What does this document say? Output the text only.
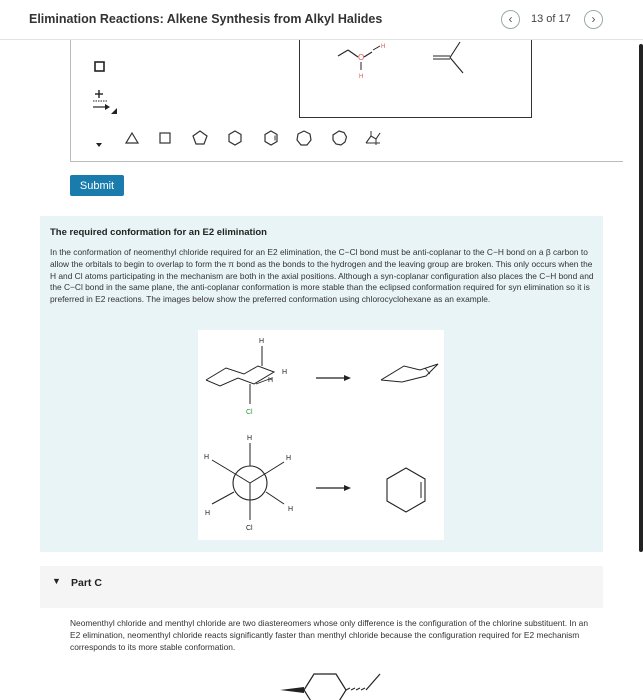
Elimination Reactions: Alkene Synthesis from Alkyl Halides	‹	13 of 17	›
O
H
H
Submit
The required conformation for an E2 elimination

In the conformation of neomenthyl chloride required for an E2 elimination, the C−Cl bond must be anti-coplanar to the C−H bond on a β carbon to allow the orbitals to begin to overlap to form the π bond as the bonds to the hydrogen and the leaving group are broken. This only occurs when the H and Cl atoms participating in the mechanism are both in the axial positions. Although a syn-coplanar configuration also places the C−H bond and the C−Cl bond in the same plane, the anti-coplanar conformation is more stable than the eclipsed conformation required for syn elimination so it is preferred in E2 reactions. The images below show the preferred conformation using chlorocyclohexane as an example.

H
H
H
Cl
H
H	H
H
H
Cl
▼ Part C

Neomenthyl chloride and menthyl chloride are two diastereomers whose only difference is the configuration of the chlorine substituent. In an E2 elimination, neomenthyl chloride reacts significantly faster than menthyl chloride because the configuration required for E2 mechanism corresponds to its more stable conformation.
